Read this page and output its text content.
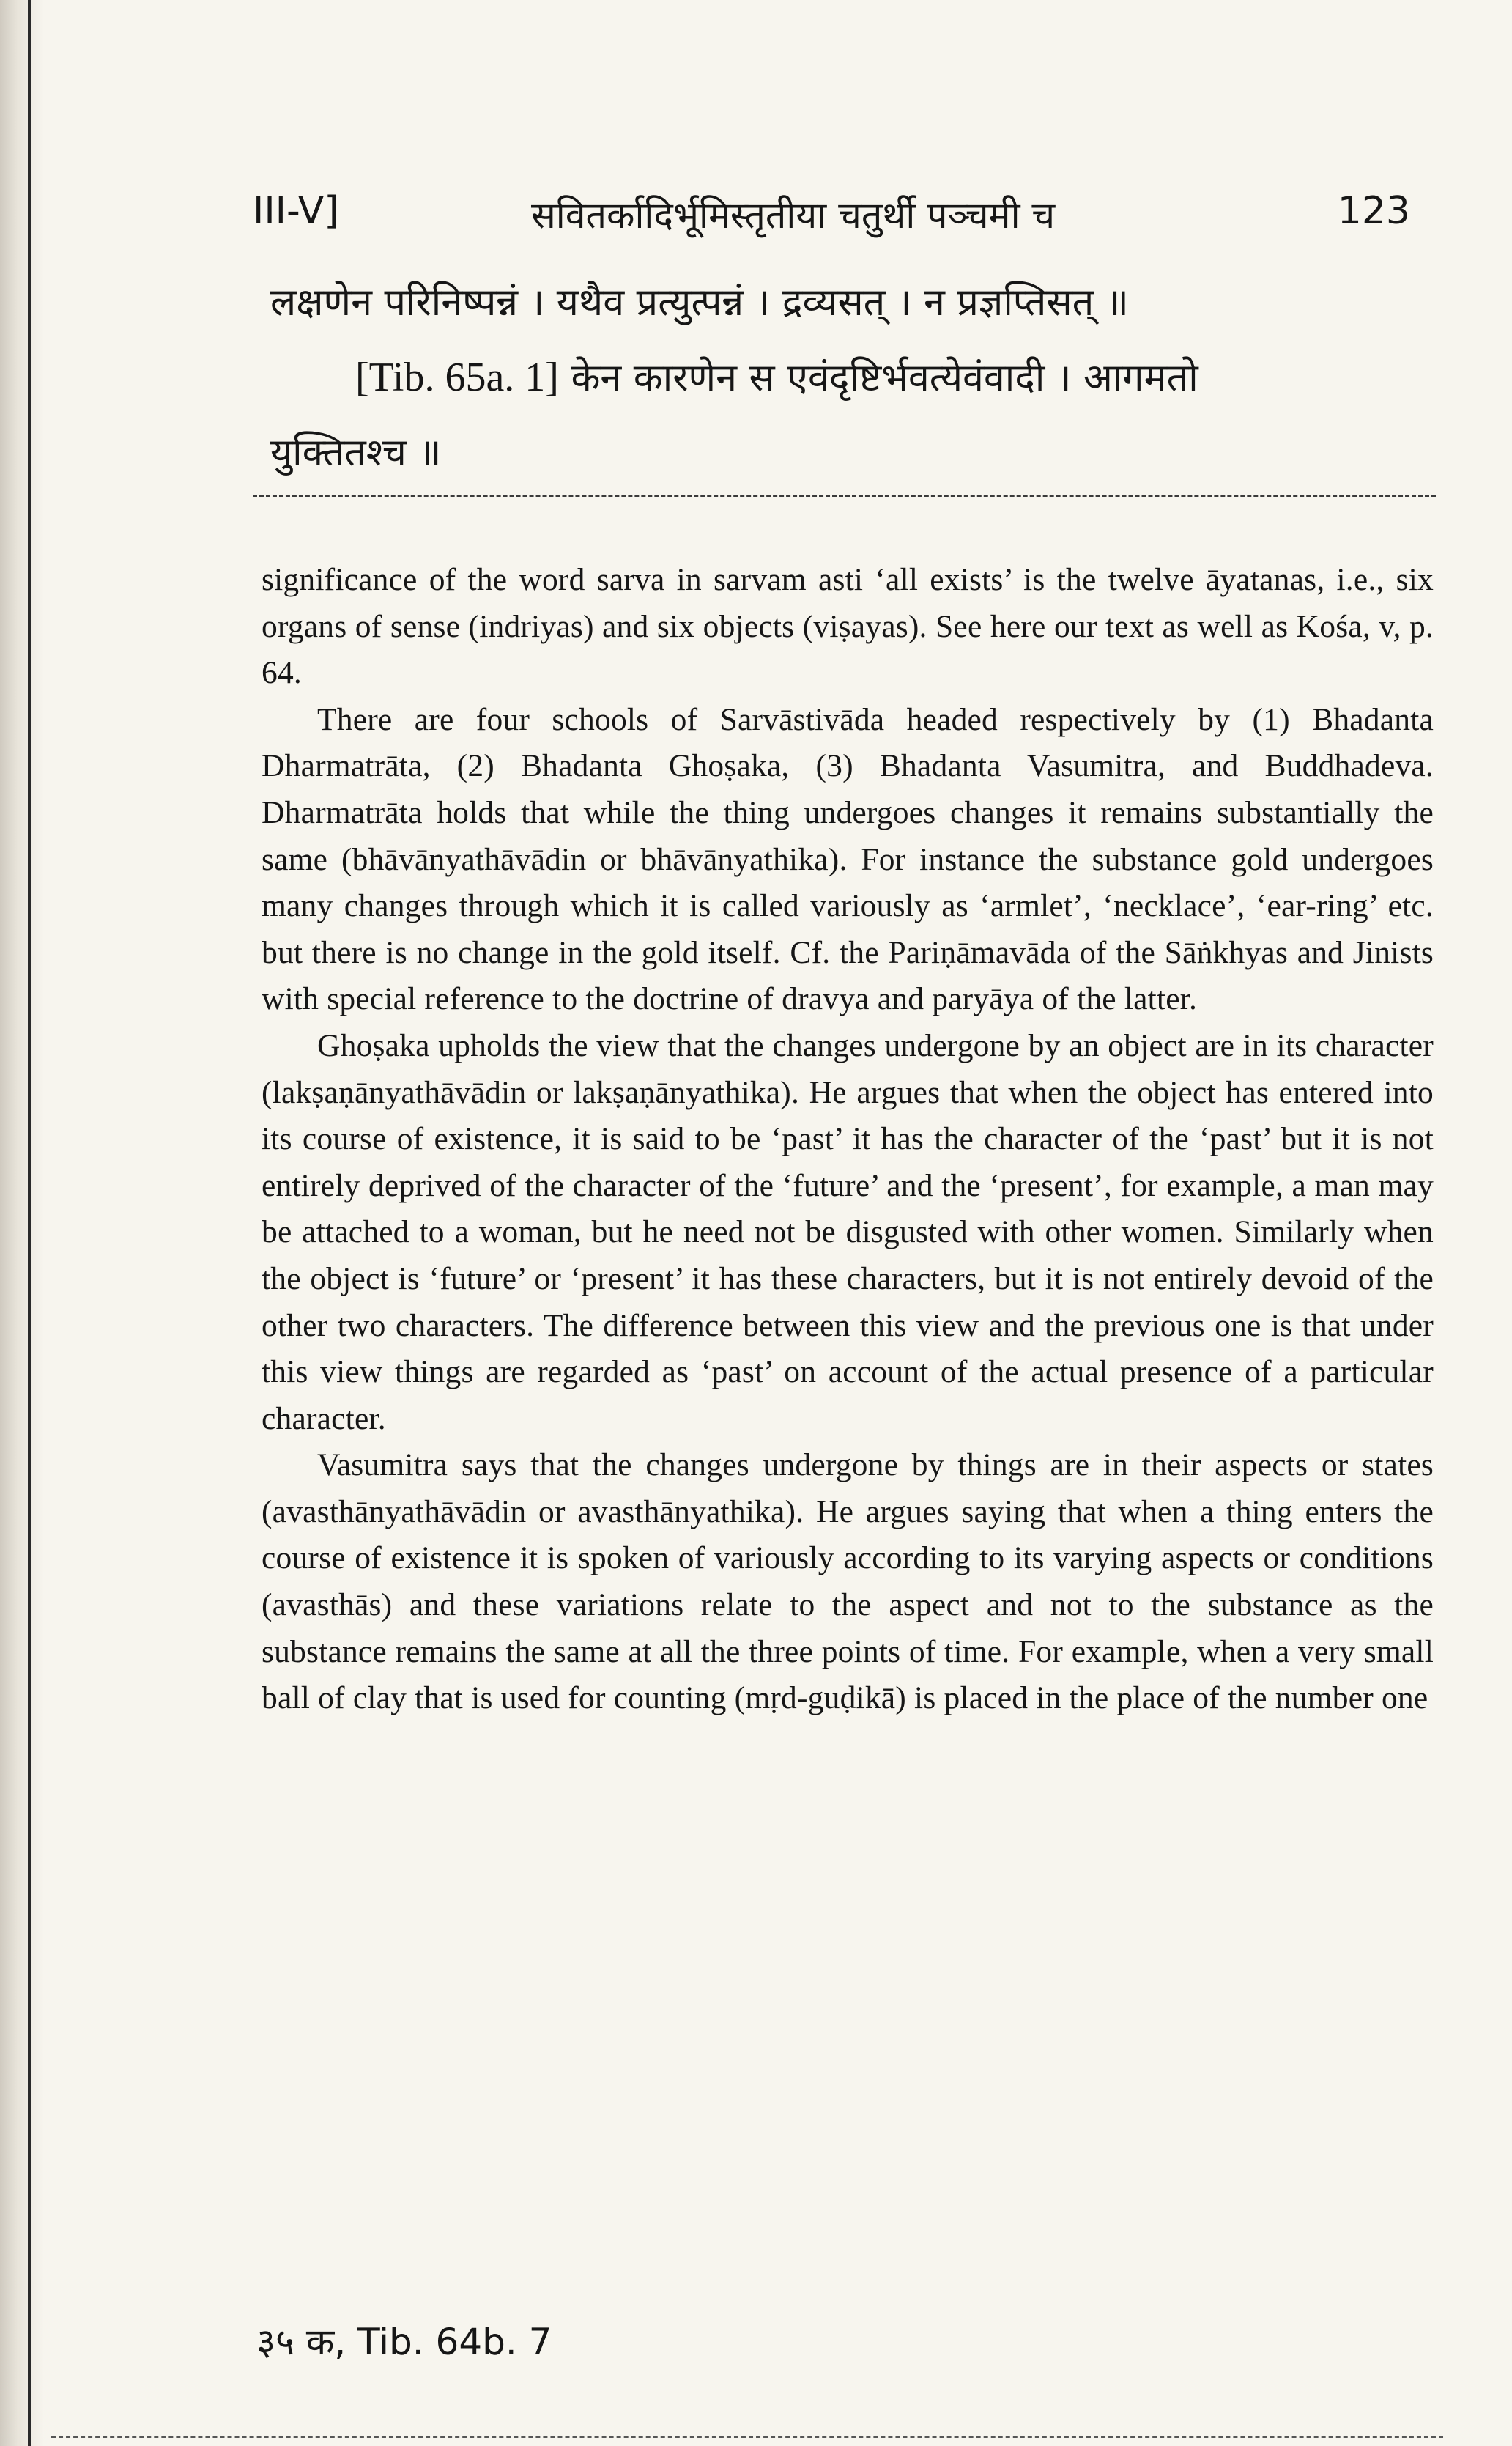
III-V]	सवितर्कादिर्भूमिस्तृतीया चतुर्थी पञ्चमी च	123
लक्षणेन परिनिष्पन्नं । यथैव प्रत्युत्पन्नं । द्रव्यसत् । न प्रज्ञप्तिसत् ॥
[Tib. 65a. 1] केन कारणेन स एवंदृष्टिर्भवत्येवंवादी । आगमतो
युक्तितश्च ॥

significance of the word sarva in sarvam asti ‘all exists’ is the twelve āyatanas, i.e., six organs of sense (indriyas) and six objects (viṣayas). See here our text as well as Kośa, v, p. 64.

There are four schools of Sarvāstivāda headed respectively by (1) Bhadanta Dharmatrāta, (2) Bhadanta Ghoṣaka, (3) Bhadanta Vasumitra, and Buddhadeva. Dharmatrāta holds that while the thing undergoes changes it remains substantially the same (bhāvānyathāvādin or bhāvānyathika). For instance the substance gold undergoes many changes through which it is called variously as ‘armlet’, ‘necklace’, ‘ear-ring’ etc. but there is no change in the gold itself. Cf. the Pariṇāmavāda of the Sāṅkhyas and Jinists with special reference to the doctrine of dravya and paryāya of the latter.

Ghoṣaka upholds the view that the changes undergone by an object are in its character (lakṣaṇānyathāvādin or lakṣaṇānyathika). He argues that when the object has entered into its course of existence, it is said to be ‘past’ it has the character of the ‘past’ but it is not entirely deprived of the character of the ‘future’ and the ‘present’, for example, a man may be attached to a woman, but he need not be disgusted with other women. Similarly when the object is ‘future’ or ‘present’ it has these characters, but it is not entirely devoid of the other two characters. The difference between this view and the previous one is that under this view things are regarded as ‘past’ on account of the actual presence of a particular character.

Vasumitra says that the changes undergone by things are in their aspects or states (avasthānyathāvādin or avasthānyathika). He argues saying that when a thing enters the course of existence it is spoken of variously according to its varying aspects or conditions (avasthās) and these variations relate to the aspect and not to the substance as the substance remains the same at all the three points of time. For example, when a very small ball of clay that is used for counting (mṛd-guḍikā) is placed in the place of the number one

३५ क, Tib. 64b. 7
